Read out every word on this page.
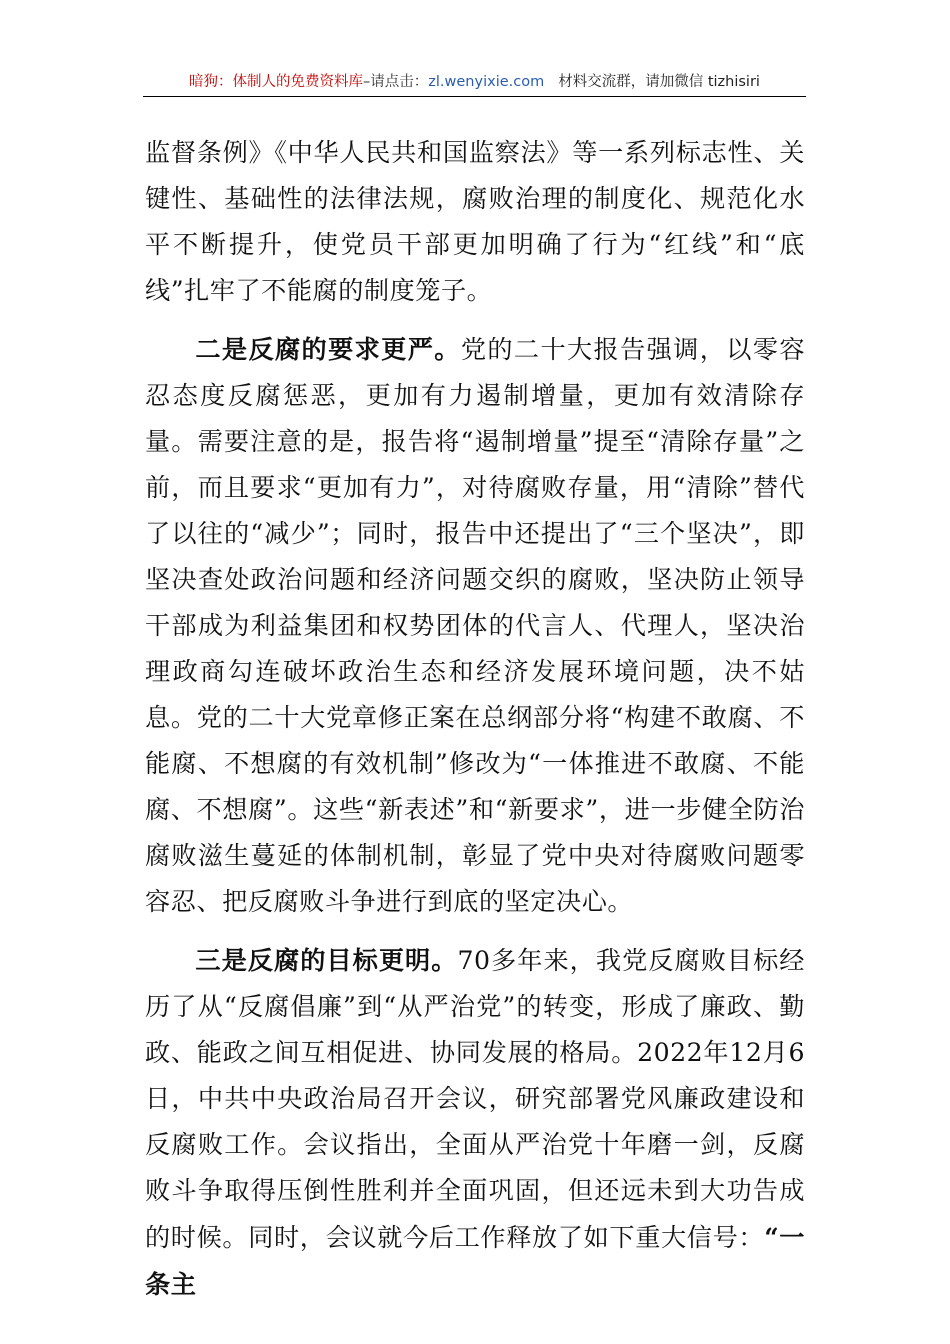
暗狗：体制人的免费资料库–请点击：zl.wenyixie.com 材料交流群，请加微信 tizhisiri

监督条例》《中华人民共和国监察法》等一系列标志性、关键性、基础性的法律法规，腐败治理的制度化、规范化水平不断提升，使党员干部更加明确了行为“红线”和“底线”扎牢了不能腐的制度笼子。

二是反腐的要求更严。党的二十大报告强调，以零容忍态度反腐惩恶，更加有力遏制增量，更加有效清除存量。需要注意的是，报告将“遏制增量”提至“清除存量”之前，而且要求“更加有力”，对待腐败存量，用“清除”替代了以往的“减少”；同时，报告中还提出了“三个坚决”，即坚决查处政治问题和经济问题交织的腐败，坚决防止领导干部成为利益集团和权势团体的代言人、代理人，坚决治理政商勾连破坏政治生态和经济发展环境问题，决不姑息。党的二十大党章修正案在总纲部分将“构建不敢腐、不能腐、不想腐的有效机制”修改为“一体推进不敢腐、不能腐、不想腐”。这些“新表述”和“新要求”，进一步健全防治腐败滋生蔓延的体制机制，彰显了党中央对待腐败问题零容忍、把反腐败斗争进行到底的坚定决心。

三是反腐的目标更明。70多年来，我党反腐败目标经历了从“反腐倡廉”到“从严治党”的转变，形成了廉政、勤政、能政之间互相促进、协同发展的格局。2022年12月6日，中共中央政治局召开会议，研究部署党风廉政建设和反腐败工作。会议指出，全面从严治党十年磨一剑，反腐败斗争取得压倒性胜利并全面巩固，但还远未到大功告成的时候。同时，会议就今后工作释放了如下重大信号：“一条主
